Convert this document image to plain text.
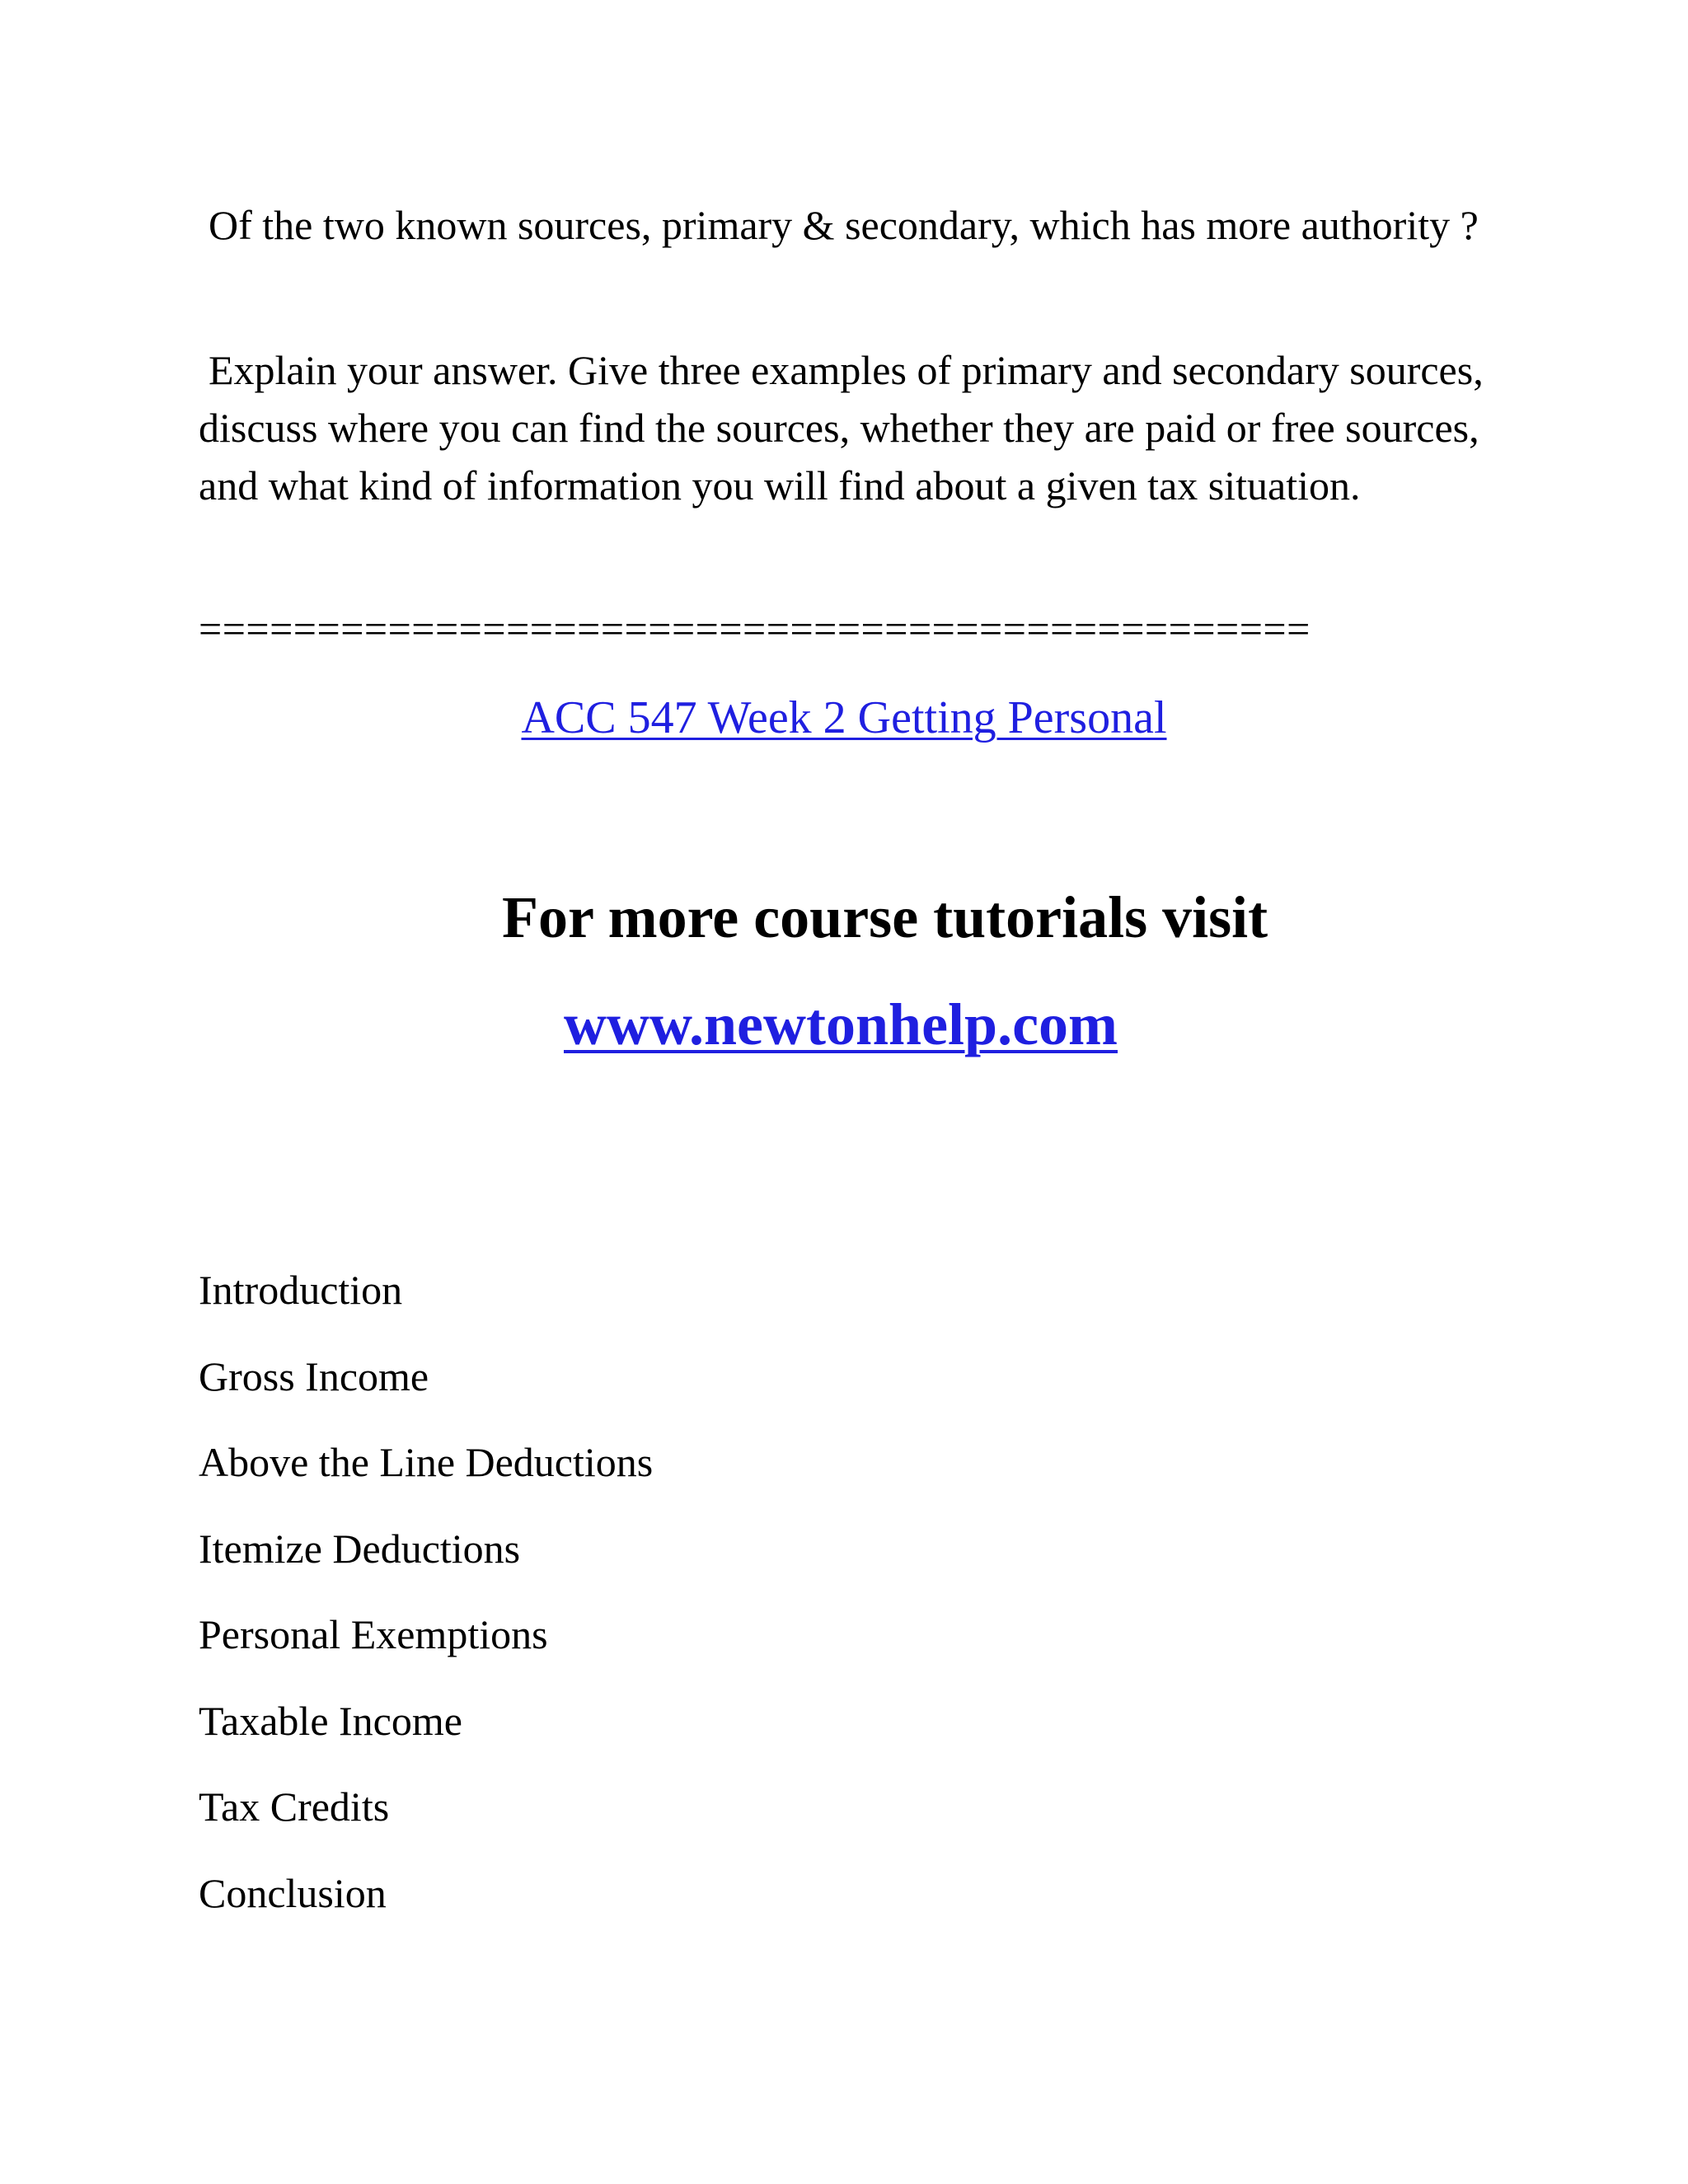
Of the two known sources, primary & secondary, which has more authority ?

Explain your answer. Give three examples of primary and secondary sources, discuss where you can find the sources, whether they are paid or free sources, and what kind of information you will find about a given tax situation.

===============================================
ACC 547 Week 2 Getting Personal
For more course tutorials visit
www.newtonhelp.com
Introduction
Gross Income
Above the Line Deductions
Itemize Deductions
Personal Exemptions
Taxable Income
Tax Credits
Conclusion
